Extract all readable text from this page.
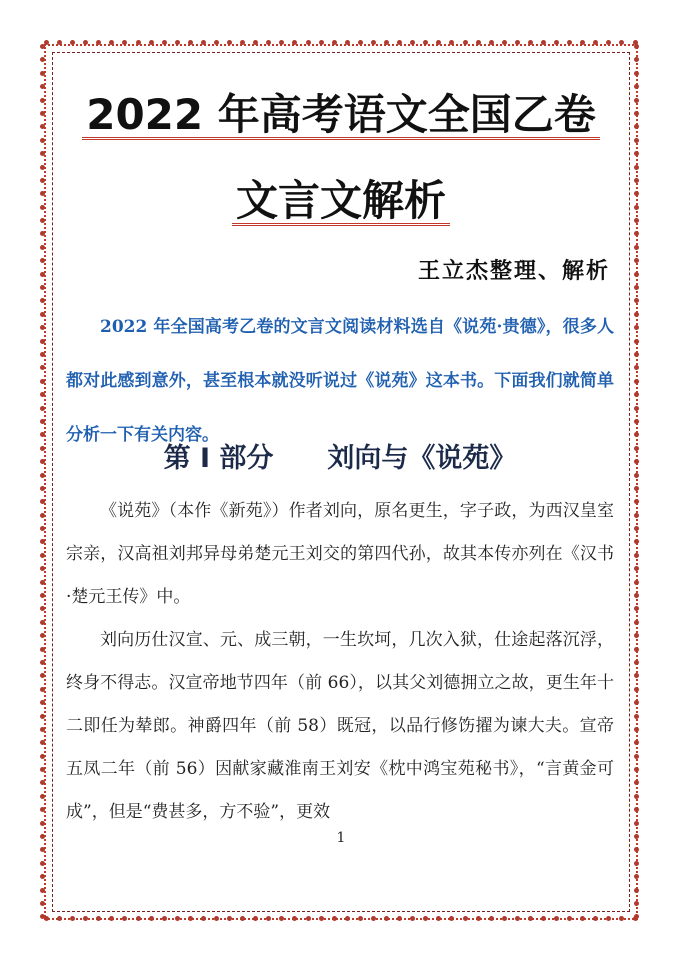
2022 年高考语文全国乙卷
文言文解析
王立杰整理、解析
2022 年全国高考乙卷的文言文阅读材料选自《说苑·贵德》，很多人都对此感到意外，甚至根本就没听说过《说苑》这本书。下面我们就简单分析一下有关内容。
第 I 部分 刘向与《说苑》

《说苑》（本作《新苑》）作者刘向，原名更生，字子政，为西汉皇室宗亲，汉高祖刘邦异母弟楚元王刘交的第四代孙，故其本传亦列在《汉书·楚元王传》中。

刘向历仕汉宣、元、成三朝，一生坎坷，几次入狱，仕途起落沉浮，终身不得志。汉宣帝地节四年（前 66），以其父刘德拥立之故，更生年十二即任为辇郎。神爵四年（前 58）既冠，以品行修饬擢为谏大夫。宣帝五凤二年（前 56）因献家藏淮南王刘安《枕中鸿宝苑秘书》，“言黄金可成”，但是“费甚多，方不验”，更效

1
